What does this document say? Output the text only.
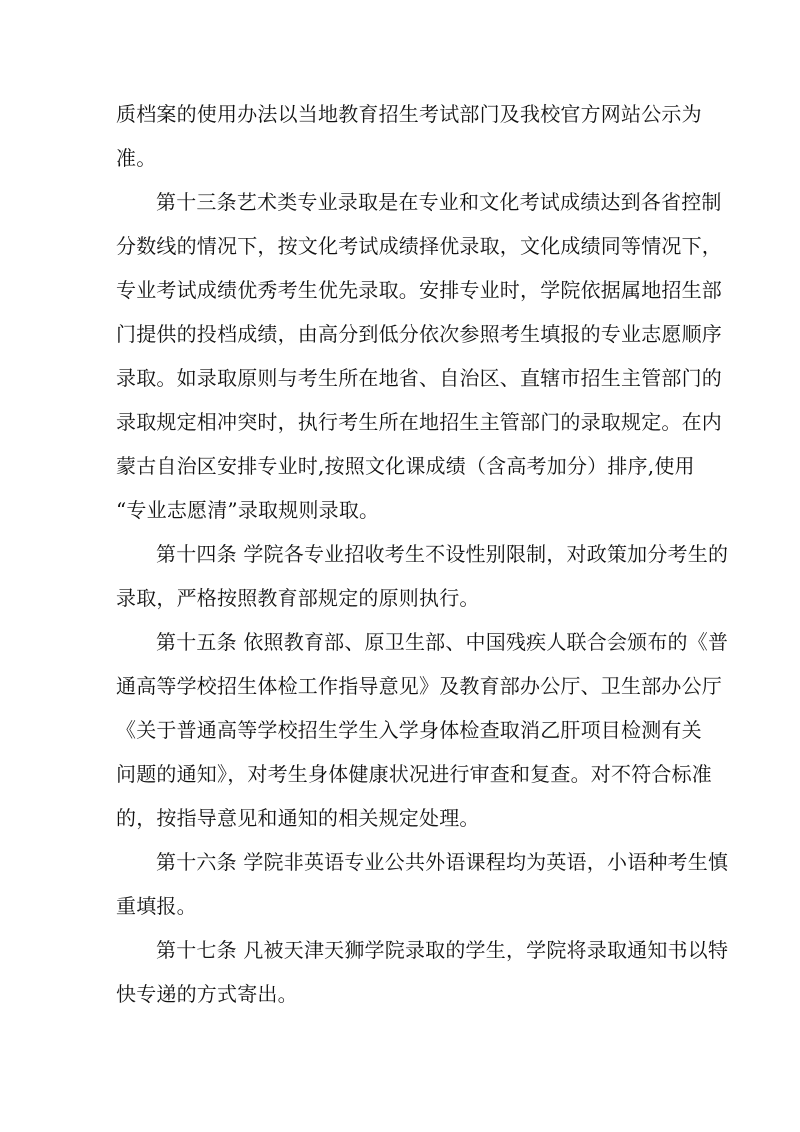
质档案的使用办法以当地教育招生考试部门及我校官方网站公示为
准。
第十三条艺术类专业录取是在专业和文化考试成绩达到各省控制
分数线的情况下，按文化考试成绩择优录取，文化成绩同等情况下，
专业考试成绩优秀考生优先录取。安排专业时，学院依据属地招生部
门提供的投档成绩，由高分到低分依次参照考生填报的专业志愿顺序
录取。如录取原则与考生所在地省、自治区、直辖市招生主管部门的
录取规定相冲突时，执行考生所在地招生主管部门的录取规定。在内
蒙古自治区安排专业时,按照文化课成绩（含高考加分）排序,使用
“专业志愿清”录取规则录取。
第十四条 学院各专业招收考生不设性别限制，对政策加分考生的
录取，严格按照教育部规定的原则执行。
第十五条 依照教育部、原卫生部、中国残疾人联合会颁布的《普
通高等学校招生体检工作指导意见》及教育部办公厅、卫生部办公厅
《关于普通高等学校招生学生入学身体检查取消乙肝项目检测有关
问题的通知》，对考生身体健康状况进行审查和复查。对不符合标准
的，按指导意见和通知的相关规定处理。
第十六条 学院非英语专业公共外语课程均为英语，小语种考生慎
重填报。
第十七条 凡被天津天狮学院录取的学生，学院将录取通知书以特
快专递的方式寄出。
